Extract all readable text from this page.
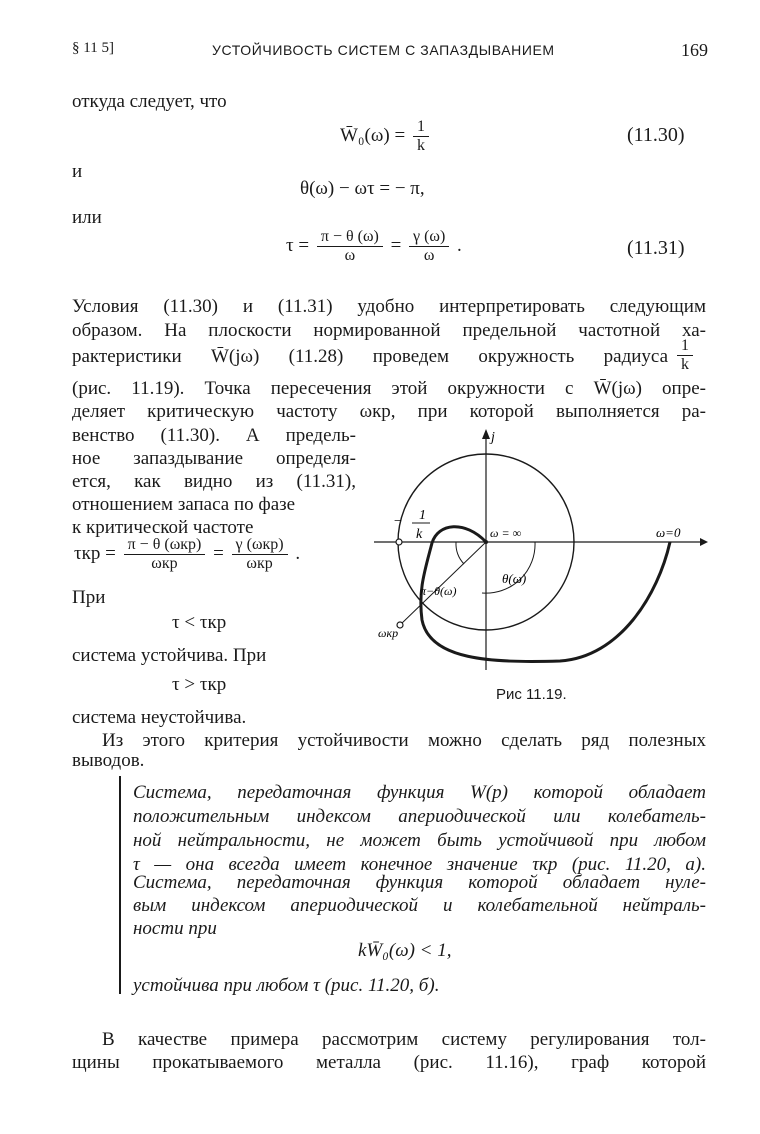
§ 11 5]	УСТОЙЧИВОСТЬ СИСТЕМ С ЗАПАЗДЫВАНИЕМ	169
откуда следует, что
W̄₀(ω) = $\frac{1}{k}$	(11.30)
и
θ(ω) − ωτ = − π,
или
$\tau = \frac{\pi - \theta (\omega)}{\omega} = \frac{\gamma (\omega)}{\omega}$ .	(11.31)
Условия (11.30) и (11.31) удобно интерпретировать следующим
образом. На плоскости нормированной предельной частотной ха-
рактеристики W̄(jω) (11.28) проведем окружность радиуса $\frac{1}{k}$
(рис. 11.19). Точка пересечения этой окружности с W̄(jω) опре-
деляет критическую частоту ωкр, при которой выполняется ра-
венство (11.30). А предель-
ное запаздывание определя-
ется, как видно из (11.31),
отношением запаса по фазе
к критической частоте
$\tau кр = \frac{\text{π − θ (ωкр)}}{\text{ωкр}} = \frac{\text{γ (ωкр)}}{\text{ωкр}}$ .
При
τ < τкр
система устойчива. При
τ > τкр
система неустойчива.
j
− 1
k	ω = ∞	ω=0
θ(ω)
π−θ(ω)
ωкр
Рис 11.19.
Из этого критерия устойчивости можно сделать ряд полезных
выводов.
Система, передаточная функция W(p) которой обладает
положительным индексом апериодической или колебатель-
ной нейтральности, не может быть устойчивой при любом
τ — она всегда имеет конечное значение τкр (рис. 11.20, а).
Система, передаточная функция которой обладает нуле-
вым индексом апериодической и колебательной нейтраль-
ности при
kW̄₀(ω) < 1,
устойчива при любом τ (рис. 11.20, б).
В качестве примера рассмотрим систему регулирования тол-
щины прокатываемого металла (рис. 11.16), граф которой
